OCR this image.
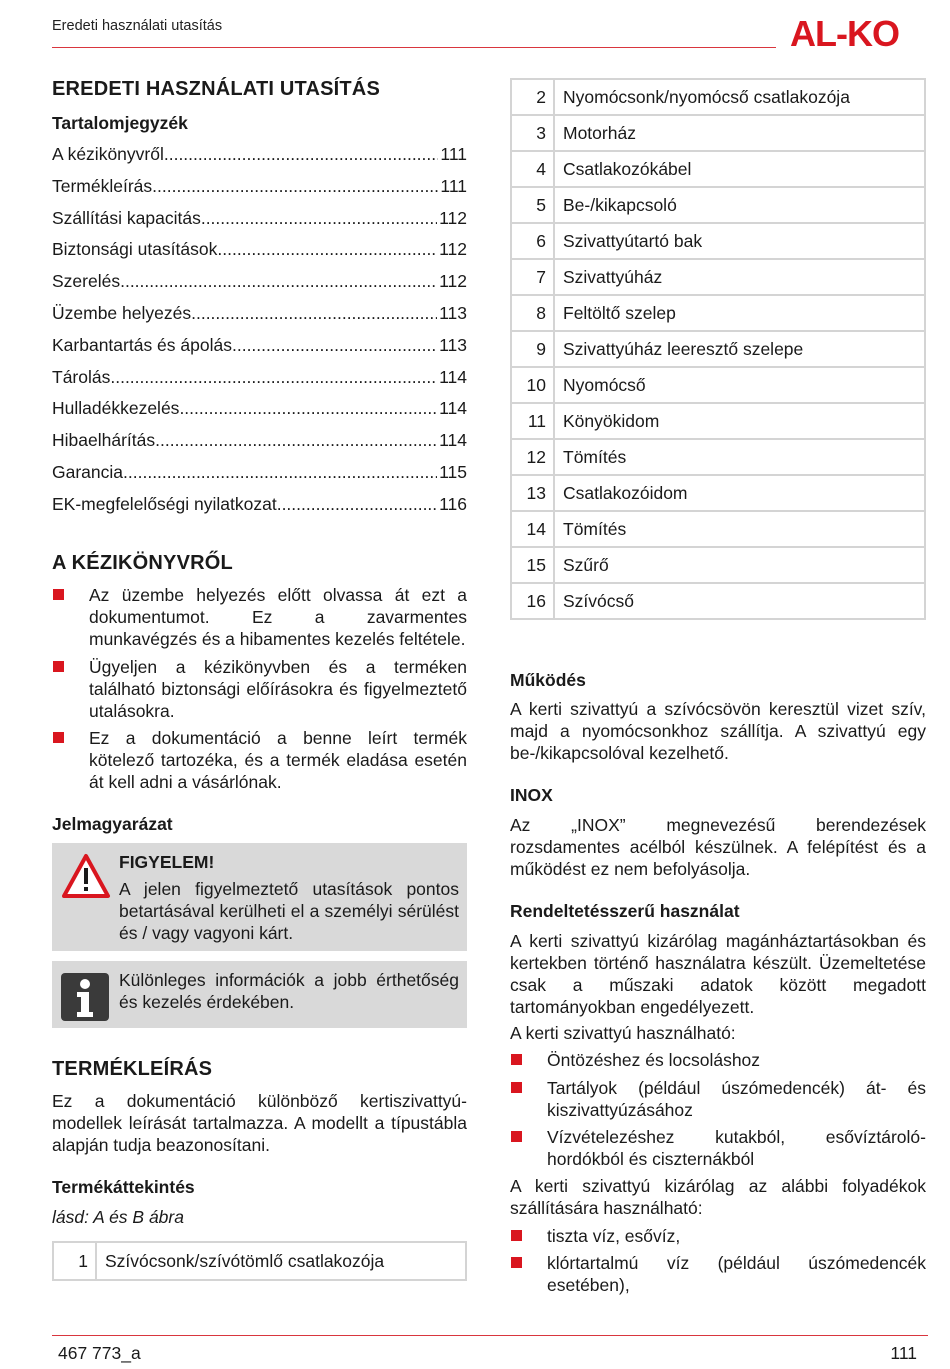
Eredeti használati utasítás	AL-KO
EREDETI HASZNÁLATI UTASÍTÁS
Tartalomjegyzék
A kézikönyvről .....	111
Termékleírás .....	111
Szállítási kapacitás .....	112
Biztonsági utasítások .....	112
Szerelés .....	112
Üzembe helyezés .....	113
Karbantartás és ápolás .....	113
Tárolás .....	114
Hulladékkezelés .....	114
Hibaelhárítás .....	114
Garancia .....	115
EK-megfelelőségi nyilatkozat .....	116
A KÉZIKÖNYVRŐL
Az üzembe helyezés előtt olvassa át ezt a dokumentumot. Ez a zavarmentes munkavégzés és a hibamentes kezelés feltétele.
Ügyeljen a kézikönyvben és a terméken található biztonsági előírásokra és figyelmeztető utalásokra.
Ez a dokumentáció a benne leírt termék kötelező tartozéka, és a termék eladása esetén át kell adni a vásárlónak.
Jelmagyarázat
FIGYELEM!
A jelen figyelmeztető utasítások pontos betartásával kerülheti el a személyi sérülést és / vagy vagyoni kárt.
Különleges információk a jobb érthetőség és kezelés érdekében.
TERMÉKLEÍRÁS
Ez a dokumentáció különböző kertiszivattyú-modellek leírását tartalmazza. A modellt a típustábla alapján tudja beazonosítani.
Termékáttekintés
lásd: A és B ábra
1	Szívócsonk/szívótömlő csatlakozója
2	Nyomócsonk/nyomócső csatlakozója
3	Motorház
4	Csatlakozókábel
5	Be-/kikapcsoló
6	Szivattyútartó bak
7	Szivattyúház
8	Feltöltő szelep
9	Szivattyúház leeresztő szelepe
10	Nyomócső
11	Könyökidom
12	Tömítés
13	Csatlakozóidom
14	Tömítés
15	Szűrő
16	Szívócső
Működés
A kerti szivattyú a szívócsövön keresztül vizet szív, majd a nyomócsonkhoz szállítja. A szivattyú egy be-/kikapcsolóval kezelhető.
INOX
Az „INOX” megnevezésű berendezések rozsdamentes acélból készülnek. A felépítést és a működést ez nem befolyásolja.
Rendeltetésszerű használat
A kerti szivattyú kizárólag magánháztartásokban és kertekben történő használatra készült. Üzemeltetése csak a műszaki adatok között megadott tartományokban engedélyezett.
A kerti szivattyú használható:
Öntözéshez és locsoláshoz
Tartályok (például úszómedencék) át- és kiszivattyúzásához
Vízvételezéshez kutakból, esővíztároló-hordókból és ciszternákból
A kerti szivattyú kizárólag az alábbi folyadékok szállítására használható:
tiszta víz, esővíz,
klórtartalmú víz (például úszómedencék esetében),
467 773_a	111
